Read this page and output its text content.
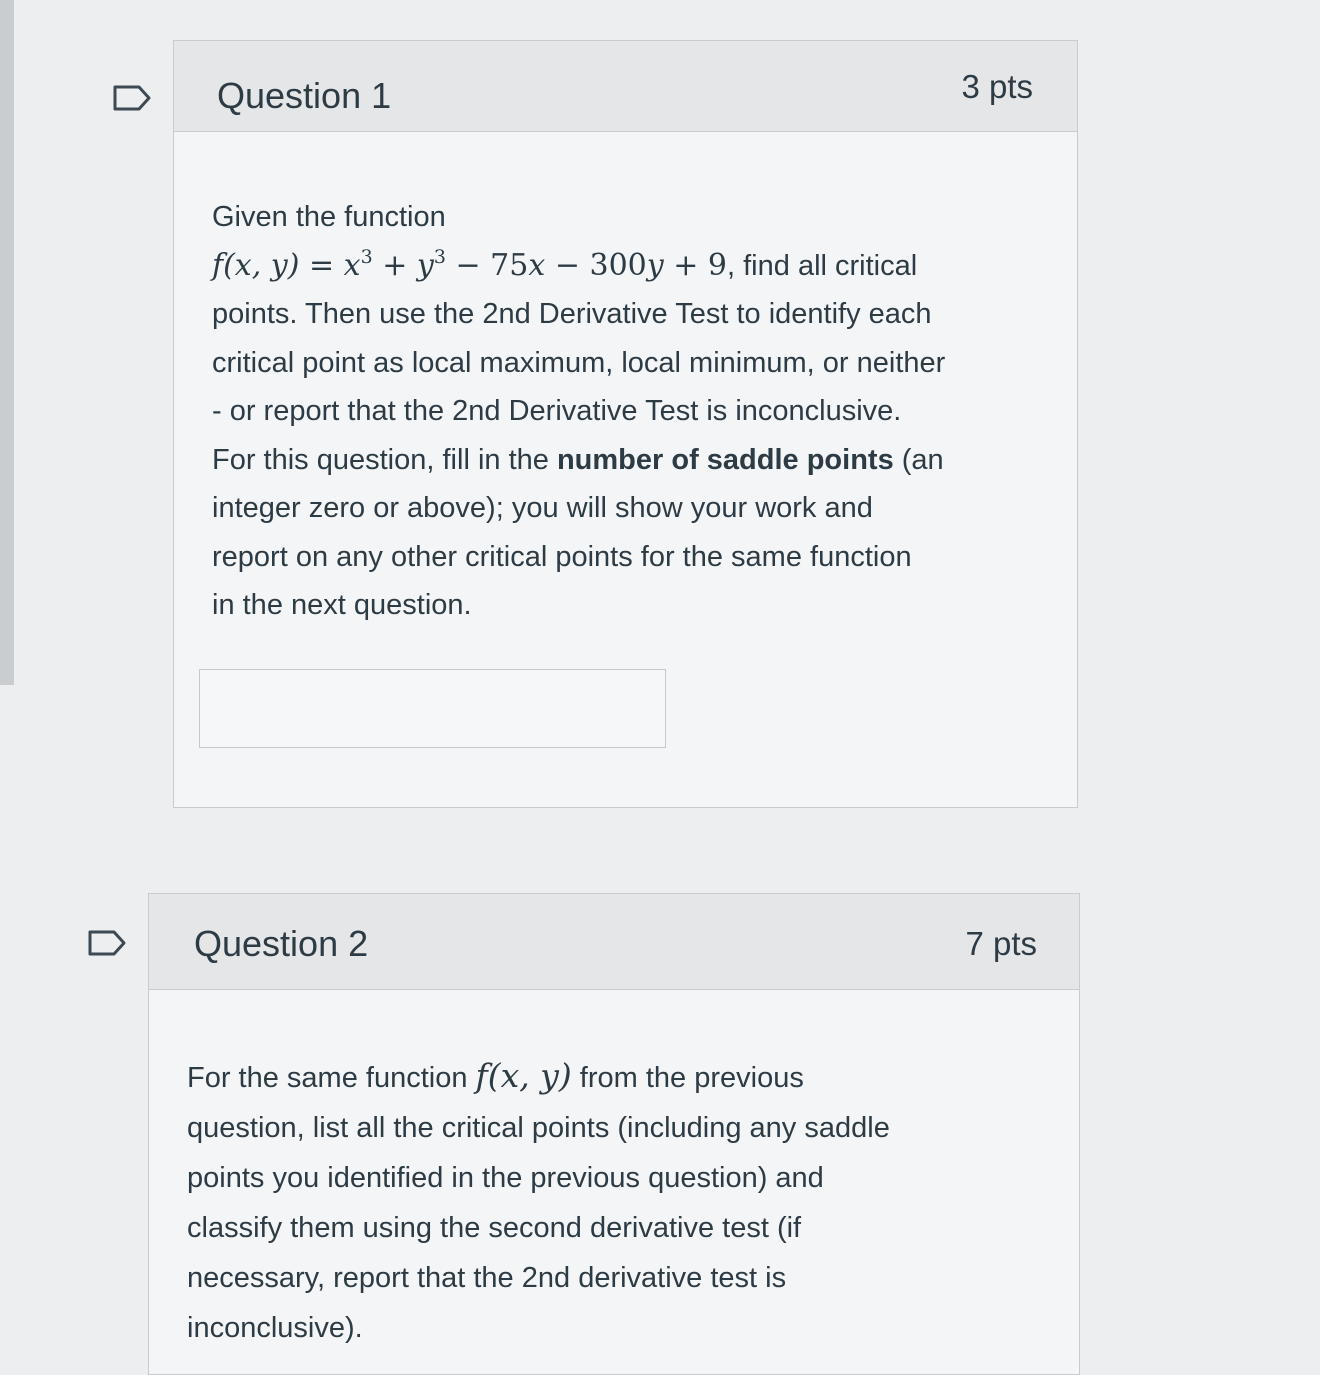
Question 1	3 pts
Given the function
f(x, $y) = x^3 + y^3 - 75x - 300y + 9$, find all critical
points. Then use the 2nd Derivative Test to identify each
critical point as local maximum, local minimum, or neither
- or report that the 2nd Derivative Test is inconclusive.
For this question, fill in the number of saddle points (an
integer zero or above); you will show your work and
report on any other critical points for the same function
in the next question.
Question 2	7 pts
For the same function f(x, y) from the previous
question, list all the critical points (including any saddle
points you identified in the previous question) and
classify them using the second derivative test (if
necessary, report that the 2nd derivative test is
inconclusive).
